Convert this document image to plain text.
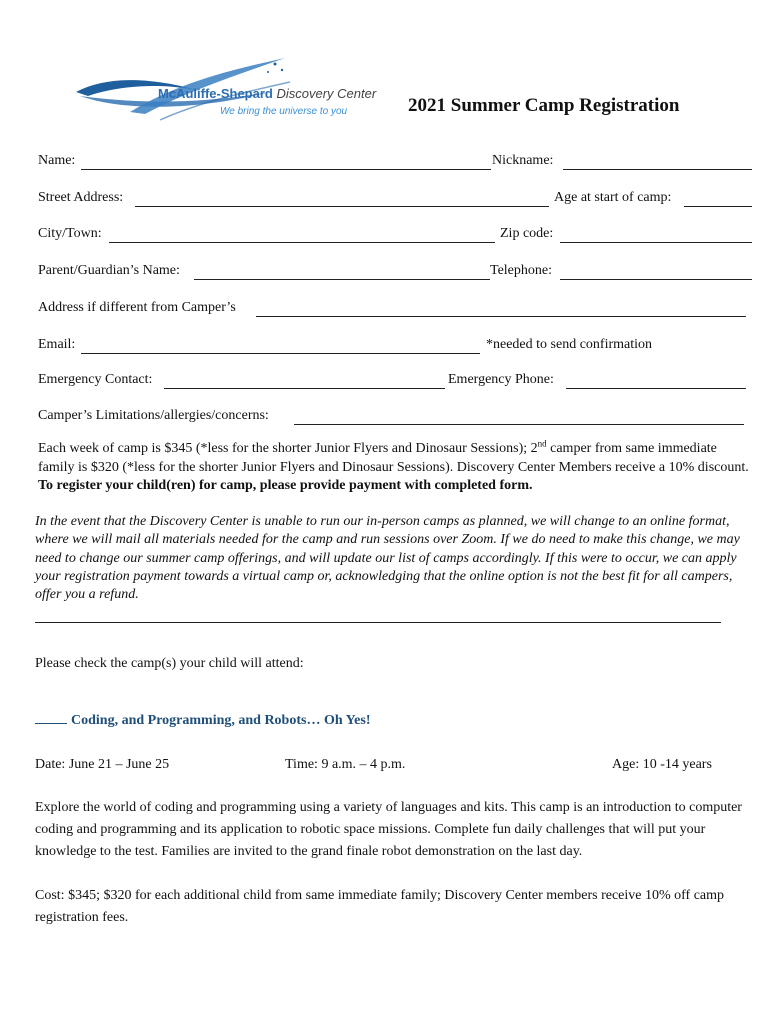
McAuliffe-Shepard Discovery Center
We bring the universe to you	2021 Summer Camp Registration
Name:	Nickname:
Street Address:	Age at start of camp:
City/Town:	Zip code:
Parent/Guardian’s Name:	Telephone:
Address if different from Camper’s
Email:	*needed to send confirmation
Emergency Contact:	Emergency Phone:
Camper’s Limitations/allergies/concerns:
Each week of camp is $345 (*less for the shorter Junior Flyers and Dinosaur Sessions); 2nd camper from same immediate family is $320 (*less for the shorter Junior Flyers and Dinosaur Sessions). Discovery Center Members receive a 10% discount. To register your child(ren) for camp, please provide payment with completed form.
In the event that the Discovery Center is unable to run our in-person camps as planned, we will change to an online format, where we will mail all materials needed for the camp and run sessions over Zoom. If we do need to make this change, we may need to change our summer camp offerings, and will update our list of camps accordingly. If this were to occur, we can apply your registration payment towards a virtual camp or, acknowledging that the online option is not the best fit for all campers, offer you a refund.
Please check the camp(s) your child will attend:
Coding, and Programming, and Robots… Oh Yes!
Date: June 21 – June 25	Time: 9 a.m. – 4 p.m.	Age: 10 -14 years
Explore the world of coding and programming using a variety of languages and kits. This camp is an introduction to computer coding and programming and its application to robotic space missions. Complete fun daily challenges that will put your knowledge to the test. Families are invited to the grand finale robot demonstration on the last day.
Cost: $345; $320 for each additional child from same immediate family; Discovery Center members receive 10% off camp registration fees.
